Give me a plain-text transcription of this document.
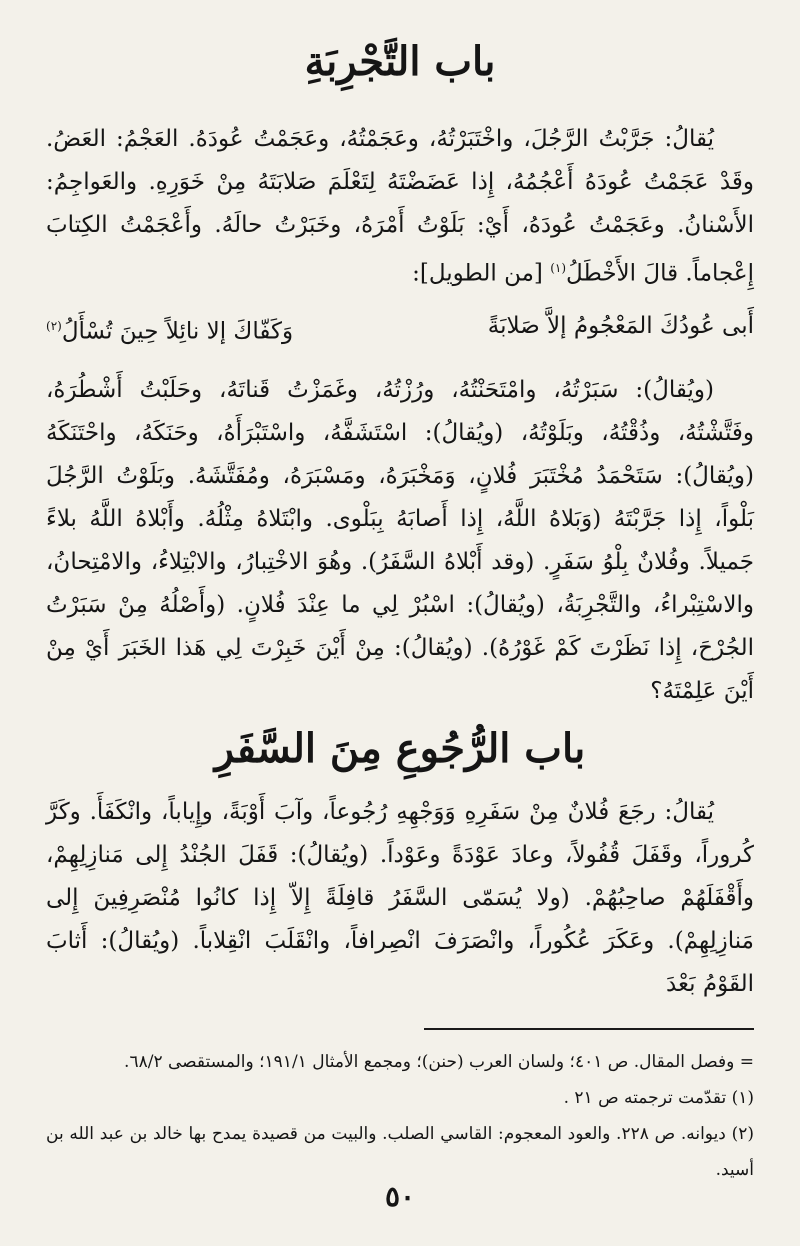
باب التَّجْرِبَةِ

يُقالُ: جَرَّبْتُ الرَّجُلَ، واخْتَبَرْتُهُ، وعَجَمْتُهُ، وعَجَمْتُ عُودَهُ. العَجْمُ: العَضُ. وقَدْ عَجَمْتُ عُودَهُ أَعْجُمُهُ، إِذا عَضَضْتَهُ لِتَعْلَمَ صَلابَتَهُ مِنْ خَوَرِهِ. والعَواجِمُ: الأَسْنانُ. وعَجَمْتُ عُودَهُ، أَيْ: بَلَوْتُ أَمْرَهُ، وخَبَرْتُ حالَهُ. وأَعْجَمْتُ الكِتابَ إِعْجاماً. قالَ الأَخْطَلُ$^{(١)}$ [من الطويل]:

أَبى عُودُكَ المَعْجُومُ إلاَّ صَلابَةً
وَكَفّاكَ إلا نائِلاً حِينَ تُسْأَلُ$^{(٢)}$

(ويُقالُ): سَبَرْتُهُ، وامْتَحَنْتُهُ، ورُزْتُهُ، وغَمَزْتُ قَناتَهُ، وحَلَبْتُ أَشْطُرَهُ، وفَتَّشْتُهُ، وذُقْتُهُ، وبَلَوْتُهُ، (ويُقالُ): اسْتَشَفَّهُ، واسْتَبْرَأَهُ، وحَنَكَهُ، واحْتَنَكَهُ (ويُقالُ): سَتَحْمَدُ مُخْتَبَرَ فُلانٍ، وَمَخْبَرَهُ، ومَسْبَرَهُ، ومُفَتَّشَهُ. وبَلَوْتُ الرَّجُلَ بَلْواً، إِذا جَرَّبْتَهُ (وَبَلاهُ اللَّهُ، إِذا أَصابَهُ بِبَلْوى. وابْتَلاهُ مِثْلُهُ. وأَبْلاهُ اللَّهُ بلاءً جَميلاً. وفُلانٌ بِلْوُ سَفَرٍ. (وقد أَبْلاهُ السَّفَرُ). وهُوَ الاخْتِبارُ، والابْتِلاءُ، والامْتِحانُ، والاسْتِبْراءُ، والتَّجْرِبَةُ، (ويُقالُ): اسْبُرْ لِي ما عِنْدَ فُلانٍ. (وأَصْلُهُ مِنْ سَبَرْتُ الجُرْحَ، إِذا نَظَرْتَ كَمْ غَوْرُهُ). (ويُقالُ): مِنْ أَيْنَ خَبِرْتَ لِي هَذا الخَبَرَ أَيْ مِنْ أَيْنَ عَلِمْتَهُ؟

باب الرُّجُوعِ مِنَ السَّفَرِ

يُقالُ: رجَعَ فُلانٌ مِنْ سَفَرِهِ وَوَجْهِهِ رُجُوعاً، وآبَ أَوْبَةً، وإِياباً، وانْكَفَأَ. وكَرَّ كُروراً، وقَفَلَ قُفُولاً، وعادَ عَوْدَةً وعَوْداً. (ويُقالُ): قَفَلَ الجُنْدُ إِلى مَنازِلِهِمْ، وأَقْفَلَهُمْ صاحِبُهُمْ. (ولا يُسَمّى السَّفَرُ قافِلَةً إِلاّ إِذا كانُوا مُنْصَرِفِينَ إِلى مَنازِلِهِمْ). وعَكَرَ عُكُوراً، وانْصَرَفَ انْصِرافاً، وانْقَلَبَ انْقِلاباً. (ويُقالُ): أَثابَ القَوْمُ بَعْدَ

= وفصل المقال. ص ٤٠١؛ ولسان العرب (حنن)؛ ومجمع الأمثال ١٩١/١؛ والمستقصى ٦٨/٢.

(١) تقدّمت ترجمته ص ٢١ .

(٢) ديوانه. ص ٢٢٨. والعود المعجوم: القاسي الصلب. والبيت من قصيدة يمدح بها خالد بن عبد الله بن أسيد.

٥٠
